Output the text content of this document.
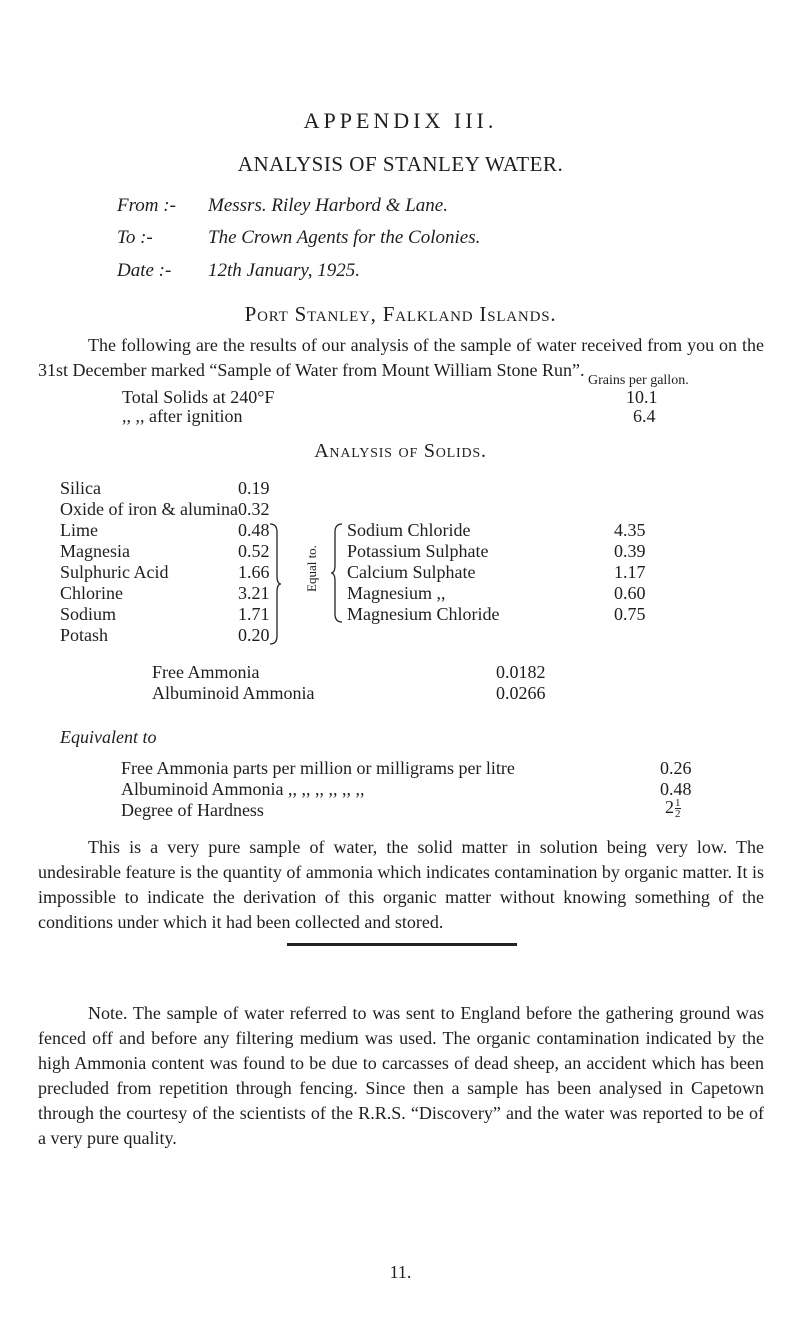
APPENDIX III.
ANALYSIS OF STANLEY WATER.
From :- Messrs. Riley Harbord & Lane.
To :-	The Crown Agents for the Colonies.
Date :- 12th January, 1925.
Port Stanley, Falkland Islands.
The following are the results of our analysis of the sample of water received from you on the 31st December marked “Sample of Water from Mount William Stone Run”.
Grains per gallon.
Total Solids at 240°F	10.1
,, ,, after ignition	6.4
Analysis of Solids.
Silica	0.19
Oxide of iron & alumina 0.32
Lime	0.48
Magnesia	0.52
Sulphuric Acid	1.66
Chlorine	3.21
Sodium	1.71
Potash	0.20
Equal to.
Sodium Chloride	4.35
Potassium Sulphate	0.39
Calcium Sulphate	1.17
Magnesium ,,	0.60
Magnesium Chloride	0.75
Free Ammonia	0.0182
Albuminoid Ammonia	0.0266
Equivalent to
Free Ammonia parts per million or milligrams per litre	0.26
Albuminoid Ammonia ,, ,, ,, ,, ,, ,,	0.48
Degree of Hardness	$2 \frac{1}{2}$
This is a very pure sample of water, the solid matter in solution being very low. The undesirable feature is the quantity of ammonia which indicates contamination by organic matter. It is impossible to indicate the derivation of this organic matter without knowing something of the conditions under which it had been collected and stored.
Note. The sample of water referred to was sent to England before the gathering ground was fenced off and before any filtering medium was used. The organic contamination indicated by the high Ammonia content was found to be due to carcasses of dead sheep, an accident which has been precluded from repetition through fencing. Since then a sample has been analysed in Capetown through the courtesy of the scientists of the R.R.S. “Discovery” and the water was reported to be of a very pure quality.
11.
